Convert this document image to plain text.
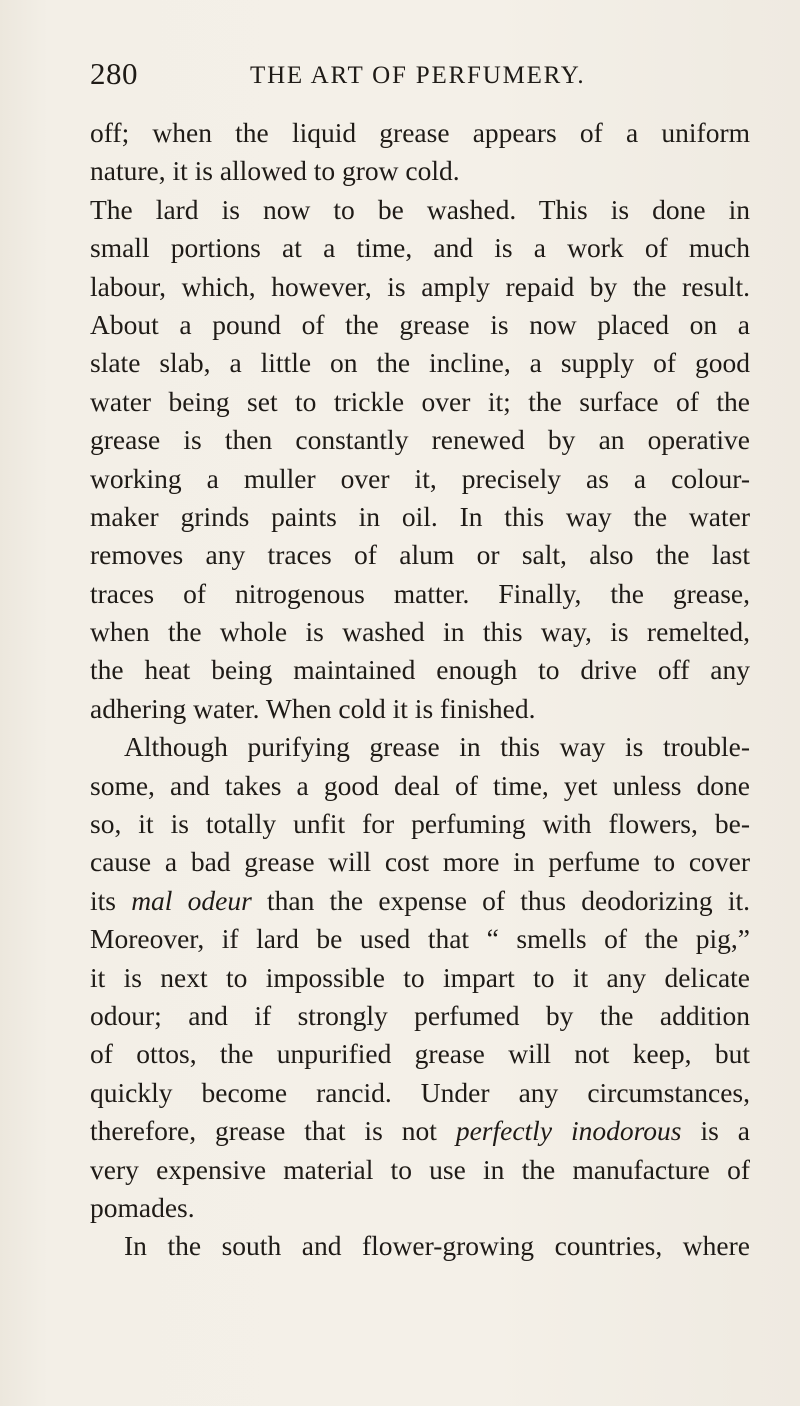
280	THE ART OF PERFUMERY.
off; when the liquid grease appears of a uniform
nature, it is allowed to grow cold.
The lard is now to be washed. This is done in
small portions at a time, and is a work of much
labour, which, however, is amply repaid by the result.
About a pound of the grease is now placed on a
slate slab, a little on the incline, a supply of good
water being set to trickle over it; the surface of the
grease is then constantly renewed by an operative
working a muller over it, precisely as a colour-
maker grinds paints in oil. In this way the water
removes any traces of alum or salt, also the last
traces of nitrogenous matter. Finally, the grease,
when the whole is washed in this way, is remelted,
the heat being maintained enough to drive off any
adhering water. When cold it is finished.
Although purifying grease in this way is trouble-
some, and takes a good deal of time, yet unless done
so, it is totally unfit for perfuming with flowers, be-
cause a bad grease will cost more in perfume to cover
its mal odeur than the expense of thus deodorizing it.
Moreover, if lard be used that “ smells of the pig,”
it is next to impossible to impart to it any delicate
odour; and if strongly perfumed by the addition
of ottos, the unpurified grease will not keep, but
quickly become rancid. Under any circumstances,
therefore, grease that is not perfectly inodorous is a
very expensive material to use in the manufacture of
pomades.
In the south and flower-growing countries, where
